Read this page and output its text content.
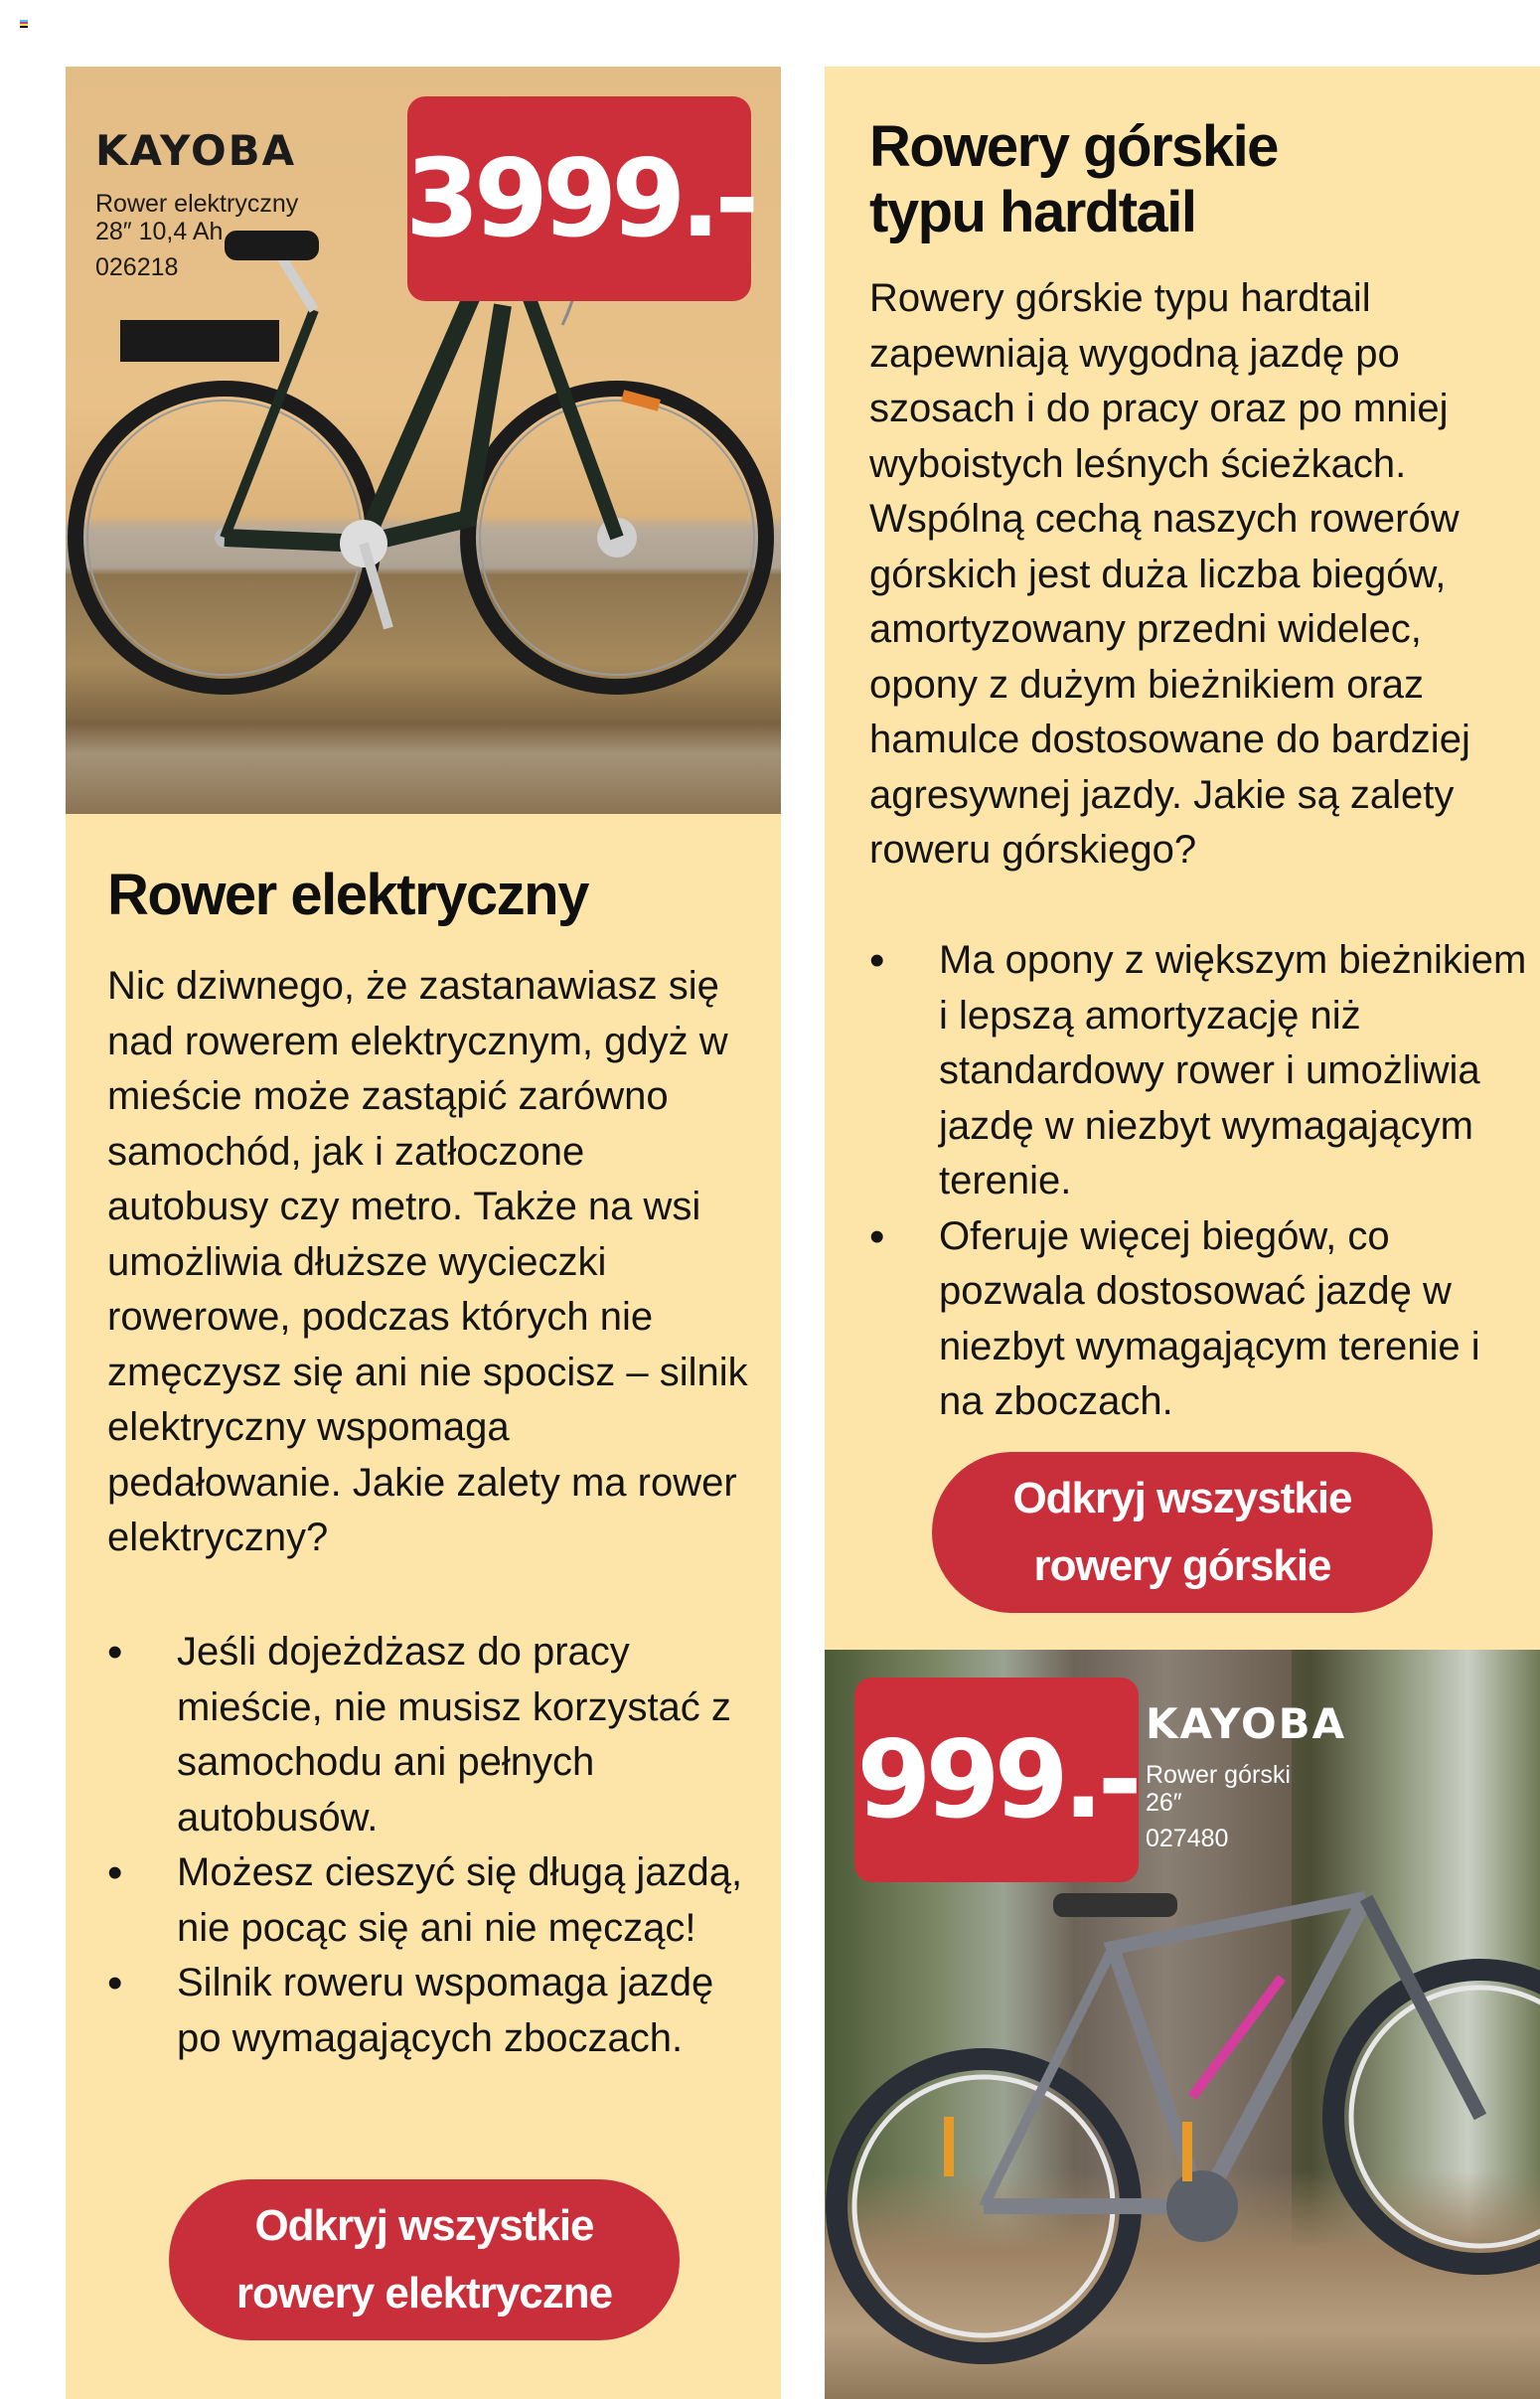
KAYOBA
Rower elektryczny
28″ 10,4 Ah
026218
3999.-
Rower elektryczny

Nic dziwnego, że zastanawiasz się nad rowerem elektrycznym, gdyż w mieście może zastąpić zarówno samochód, jak i zatłoczone autobusy czy metro. Także na wsi umożliwia dłuższe wycieczki rowerowe, podczas których nie zmęczysz się ani nie spocisz – silnik elektryczny wspomaga pedałowanie. Jakie zalety ma rower elektryczny?

• Jeśli dojeżdżasz do pracy mieście, nie musisz korzystać z samochodu ani pełnych autobusów.
• Możesz cieszyć się długą jazdą, nie pocąc się ani nie męcząc!
• Silnik roweru wspomaga jazdę po wymagających zboczach.
Odkryj wszystkie
rowery elektryczne
Rowery górskie
typu hardtail

Rowery górskie typu hardtail zapewniają wygodną jazdę po szosach i do pracy oraz po mniej wyboistych leśnych ścieżkach. Wspólną cechą naszych rowerów górskich jest duża liczba biegów, amortyzowany przedni widelec, opony z dużym bieżnikiem oraz hamulce dostosowane do bardziej agresywnej jazdy. Jakie są zalety roweru górskiego?

• Ma opony z większym bieżnikiem i lepszą amortyzację niż standardowy rower i umożliwia jazdę w niezbyt wymagającym terenie.
• Oferuje więcej biegów, co pozwala dostosować jazdę w niezbyt wymagającym terenie i na zboczach.
Odkryj wszystkie
rowery górskie
999.- KAYOBA
Rower górski
26″
027480
